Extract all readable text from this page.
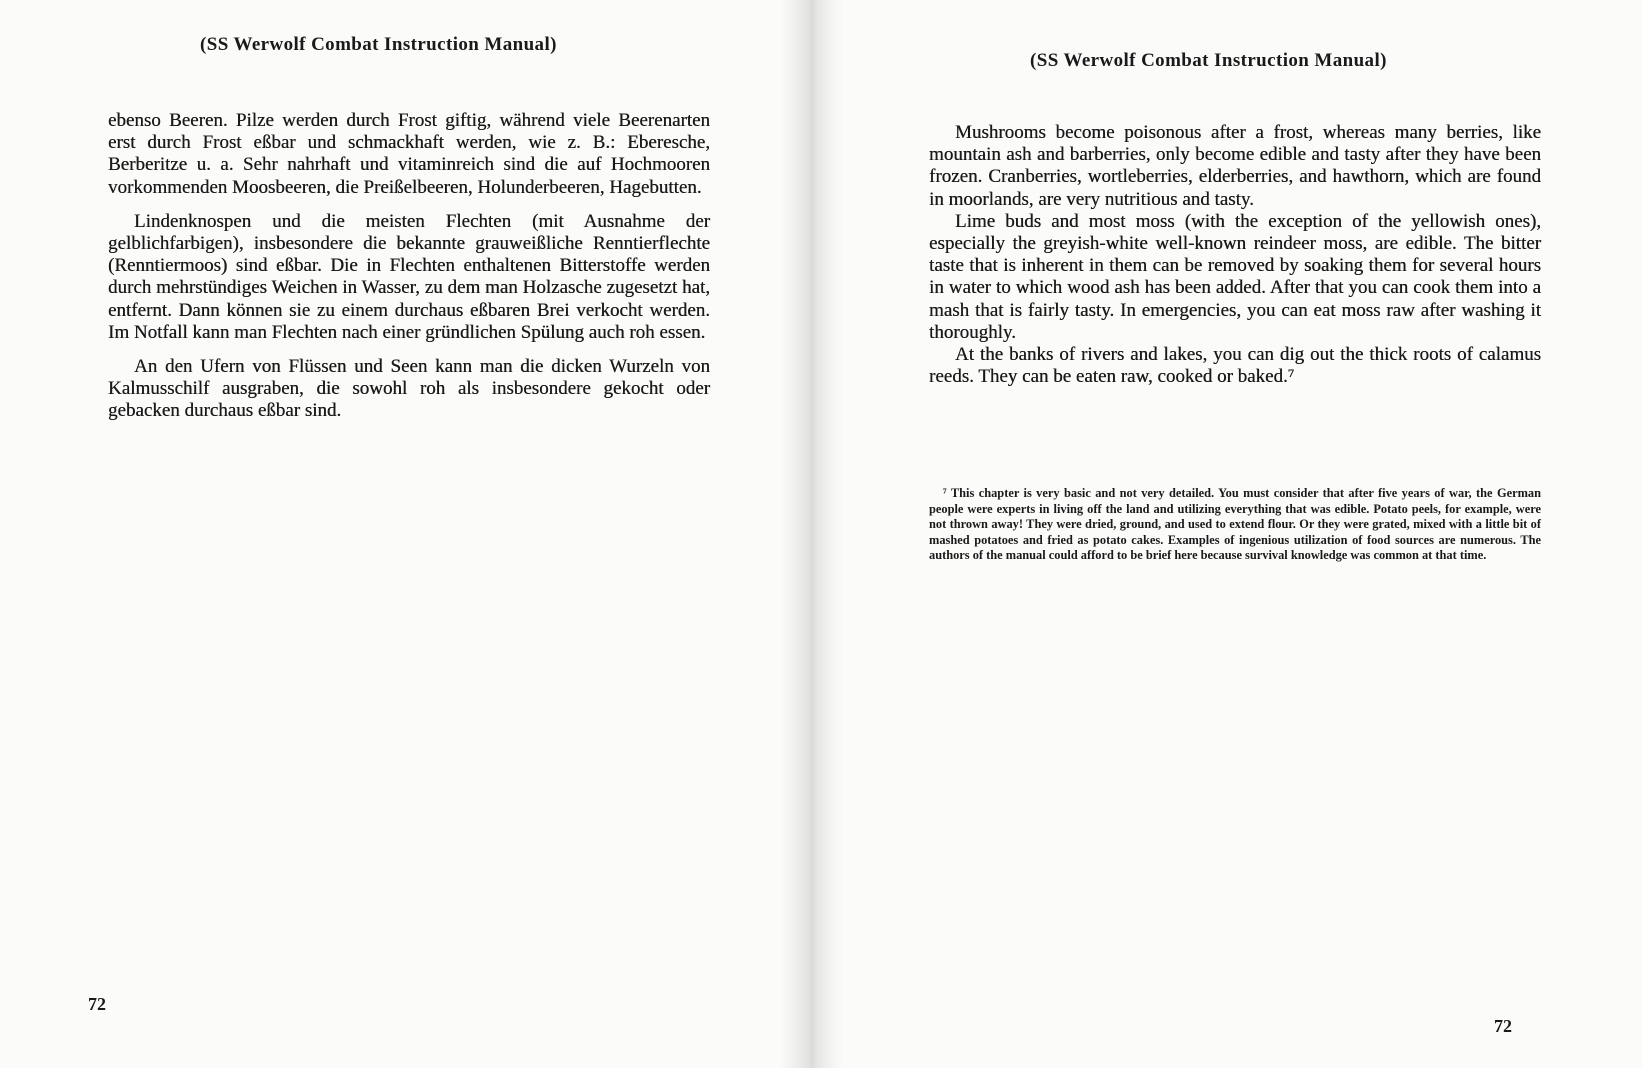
(SS Werwolf Combat Instruction Manual)

ebenso Beeren. Pilze werden durch Frost giftig, während viele Beerenarten erst durch Frost eßbar und schmackhaft werden, wie z. B.: Eberesche, Berberitze u. a. Sehr nahrhaft und vitaminreich sind die auf Hochmooren vorkommenden Moosbeeren, die Preißelbeeren, Holunderbeeren, Hagebutten.

Lindenknospen und die meisten Flechten (mit Ausnahme der gelblichfarbigen), insbesondere die bekannte grauweißliche Renntierflechte (Renntiermoos) sind eßbar. Die in Flechten enthaltenen Bitterstoffe werden durch mehrstündiges Weichen in Wasser, zu dem man Holzasche zugesetzt hat, entfernt. Dann können sie zu einem durchaus eßbaren Brei verkocht werden. Im Notfall kann man Flechten nach einer gründlichen Spülung auch roh essen.

An den Ufern von Flüssen und Seen kann man die dicken Wurzeln von Kalmusschilf ausgraben, die sowohl roh als insbesondere gekocht oder gebacken durchaus eßbar sind.

72
(SS Werwolf Combat Instruction Manual)

Mushrooms become poisonous after a frost, whereas many berries, like mountain ash and barberries, only become edible and tasty after they have been frozen. Cranberries, wortleberries, elderberries, and hawthorn, which are found in moorlands, are very nutritious and tasty.

Lime buds and most moss (with the exception of the yellowish ones), especially the greyish-white well-known reindeer moss, are edible. The bitter taste that is inherent in them can be removed by soaking them for several hours in water to which wood ash has been added. After that you can cook them into a mash that is fairly tasty. In emergencies, you can eat moss raw after washing it thoroughly.

At the banks of rivers and lakes, you can dig out the thick roots of calamus reeds. They can be eaten raw, cooked or baked.⁷

⁷ This chapter is very basic and not very detailed. You must consider that after five years of war, the German people were experts in living off the land and utilizing everything that was edible. Potato peels, for example, were not thrown away! They were dried, ground, and used to extend flour. Or they were grated, mixed with a little bit of mashed potatoes and fried as potato cakes. Examples of ingenious utilization of food sources are numerous. The authors of the manual could afford to be brief here because survival knowledge was common at that time.
72
